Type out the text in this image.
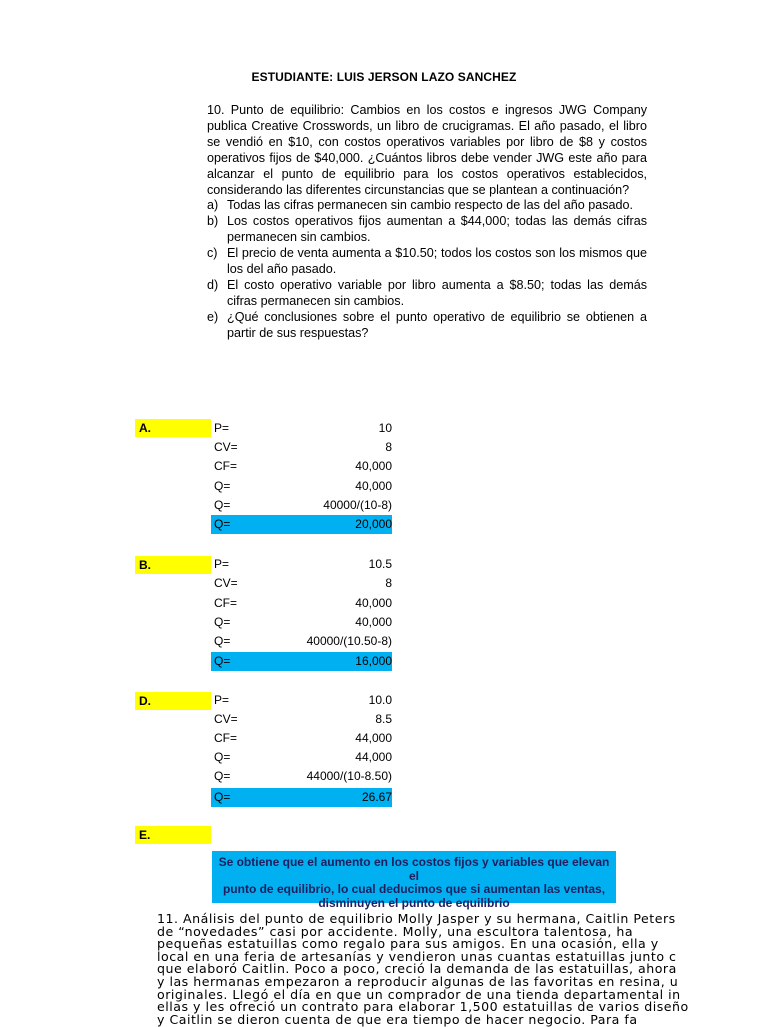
ESTUDIANTE: LUIS JERSON LAZO SANCHEZ

10. Punto de equilibrio: Cambios en los costos e ingresos JWG Company publica Creative Crosswords, un libro de crucigramas. El año pasado, el libro se vendió en $10, con costos operativos variables por libro de $8 y costos operativos fijos de $40,000. ¿Cuántos libros debe vender JWG este año para alcanzar el punto de equilibrio para los costos operativos establecidos, considerando las diferentes circunstancias que se plantean a continuación?

a) Todas las cifras permanecen sin cambio respecto de las del año pasado.
b) Los costos operativos fijos aumentan a $44,000; todas las demás cifras permanecen sin cambios.
c) El precio de venta aumenta a $10.50; todos los costos son los mismos que los del año pasado.
d) El costo operativo variable por libro aumenta a $8.50; todas las demás cifras permanecen sin cambios.
e) ¿Qué conclusiones sobre el punto operativo de equilibrio se obtienen a partir de sus respuestas?
A.	P=	10
CV=	8
CF=	40,000
Q=	40,000
Q=	40000/(10-8)
Q=	20,000
B.	P=	10.5
CV=	8
CF=	40,000
Q=	40,000
Q=	40000/(10.50-8)
Q=	16,000
D.	P=	10.0
CV=	8.5
CF=	44,000
Q=	44,000
Q=	44000/(10-8.50)
Q=	26.67
E.
Se obtiene que el aumento en los costos fijos y variables que elevan el
punto de equilibrio, lo cual deducimos que si aumentan las ventas,
disminuyen el punto de equilibrio
11. Análisis del punto de equilibrio Molly Jasper y su hermana, Caitlin Peters
de “novedades” casi por accidente. Molly, una escultora talentosa, ha
pequeñas estatuillas como regalo para sus amigos. En una ocasión, ella y
local en una feria de artesanías y vendieron unas cuantas estatuillas junto c
que elaboró Caitlin. Poco a poco, creció la demanda de las estatuillas, ahora
y las hermanas empezaron a reproducir algunas de las favoritas en resina, u
originales. Llegó el día en que un comprador de una tienda departamental in
ellas y les ofreció un contrato para elaborar 1,500 estatuillas de varios diseño
y Caitlin se dieron cuenta de que era tiempo de hacer negocio. Para fa
